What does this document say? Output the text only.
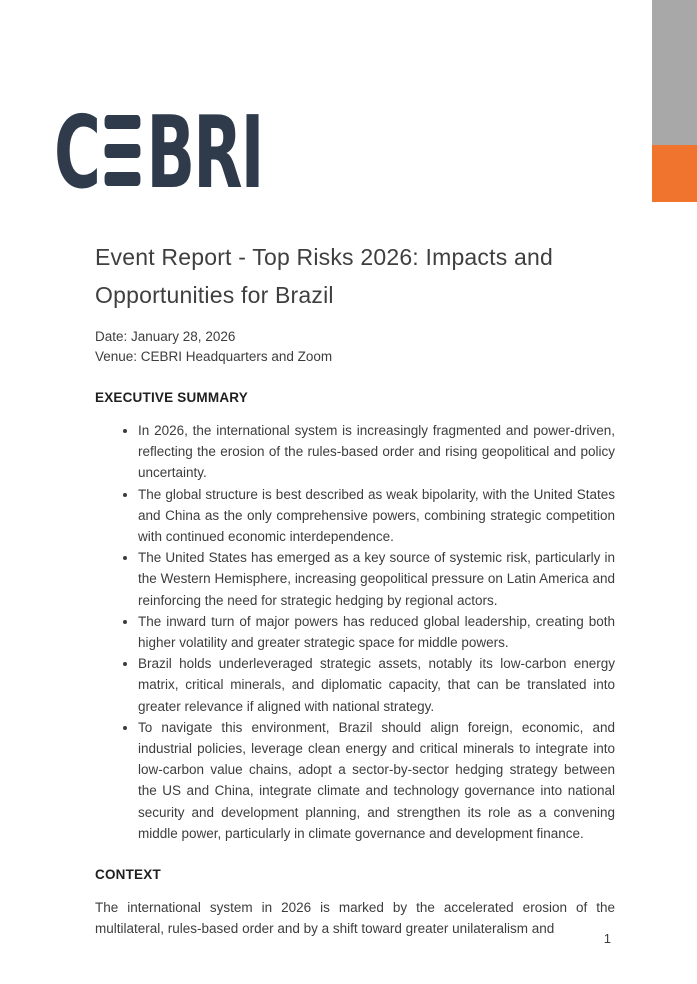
C BRI
Event Report - Top Risks 2026: Impacts and Opportunities for Brazil
Date: January 28, 2026
Venue: CEBRI Headquarters and Zoom
EXECUTIVE SUMMARY
• In 2026, the international system is increasingly fragmented and power-driven, reflecting the erosion of the rules-based order and rising geopolitical and policy uncertainty.
• The global structure is best described as weak bipolarity, with the United States and China as the only comprehensive powers, combining strategic competition with continued economic interdependence.
• The United States has emerged as a key source of systemic risk, particularly in the Western Hemisphere, increasing geopolitical pressure on Latin America and reinforcing the need for strategic hedging by regional actors.
• The inward turn of major powers has reduced global leadership, creating both higher volatility and greater strategic space for middle powers.
• Brazil holds underleveraged strategic assets, notably its low-carbon energy matrix, critical minerals, and diplomatic capacity, that can be translated into greater relevance if aligned with national strategy.
• To navigate this environment, Brazil should align foreign, economic, and industrial policies, leverage clean energy and critical minerals to integrate into low-carbon value chains, adopt a sector-by-sector hedging strategy between the US and China, integrate climate and technology governance into national security and development planning, and strengthen its role as a convening middle power, particularly in climate governance and development finance.
CONTEXT

The international system in 2026 is marked by the accelerated erosion of the multilateral, rules-based order and by a shift toward greater unilateralism and

1
